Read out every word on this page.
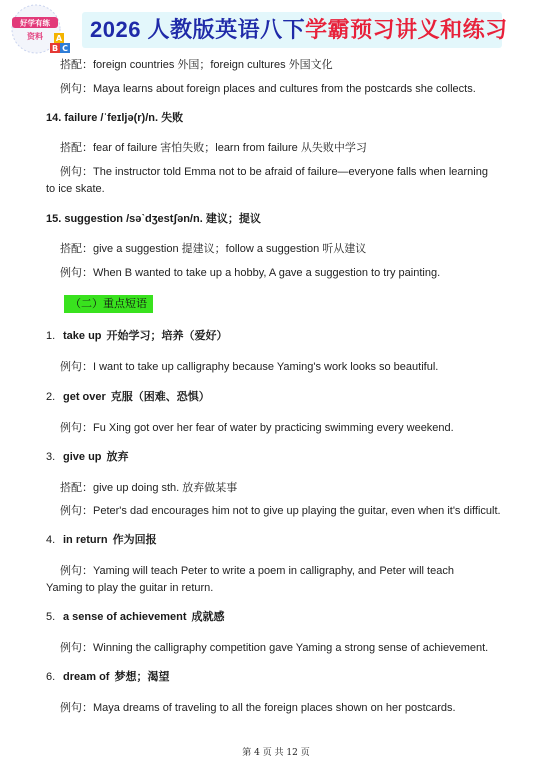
好学有练
资料 A
C
B
2026 人教版英语八下学霸预习讲义和练习
搭配：foreign countries 外国；foreign cultures 外国文化
例句：Maya learns about foreign places and cultures from the postcards she collects.
14. failure /ˈfeɪljə(r)/n. 失败
搭配：fear of failure 害怕失败；learn from failure 从失败中学习
例句：The instructor told Emma not to be afraid of failure—everyone falls when learning to ice skate.
15. suggestion /səˋdʒestʃən/n. 建议；提议
搭配：give a suggestion 提建议；follow a suggestion 听从建议
例句：When B wanted to take up a hobby, A gave a suggestion to try painting.
（二）重点短语
1. take up 开始学习；培养（爱好）
例句：I want to take up calligraphy because Yaming's work looks so beautiful.
2. get over 克服（困难、恐惧）
例句：Fu Xing got over her fear of water by practicing swimming every weekend.
3. give up 放弃
搭配：give up doing sth. 放弃做某事
例句：Peter's dad encourages him not to give up playing the guitar, even when it's difficult.
4. in return 作为回报
例句：Yaming will teach Peter to write a poem in calligraphy, and Peter will teach Yaming to play the guitar in return.
5. a sense of achievement 成就感
例句：Winning the calligraphy competition gave Yaming a strong sense of achievement.
6. dream of 梦想；渴望
例句：Maya dreams of traveling to all the foreign places shown on her postcards.
第 4 页 共 12 页
